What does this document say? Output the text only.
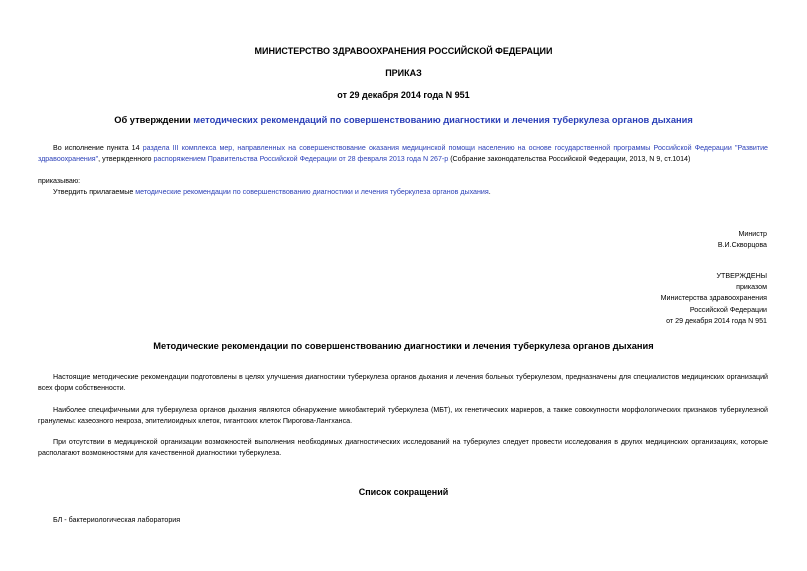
МИНИСТЕРСТВО ЗДРАВООХРАНЕНИЯ РОССИЙСКОЙ ФЕДЕРАЦИИ
ПРИКАЗ
от 29 декабря 2014 года N 951
Об утверждении методических рекомендаций по совершенствованию диагностики и лечения туберкулеза органов дыхания
Во исполнение пункта 14 раздела III комплекса мер, направленных на совершенствование оказания медицинской помощи населению на основе государственной программы Российской Федерации "Развитие здравоохранения", утвержденного распоряжением Правительства Российской Федерации от 28 февраля 2013 года N 267-р (Собрание законодательства Российской Федерации, 2013, N 9, ст.1014)
приказываю:
Утвердить прилагаемые методические рекомендации по совершенствованию диагностики и лечения туберкулеза органов дыхания.
Министр
В.И.Скворцова
УТВЕРЖДЕНЫ
приказом
Министерства здравоохранения
Российской Федерации
от 29 декабря 2014 года N 951
Методические рекомендации по совершенствованию диагностики и лечения туберкулеза органов дыхания
Настоящие методические рекомендации подготовлены в целях улучшения диагностики туберкулеза органов дыхания и лечения больных туберкулезом, предназначены для специалистов медицинских организаций всех форм собственности.
Наиболее специфичными для туберкулеза органов дыхания являются обнаружение микобактерий туберкулеза (МБТ), их генетических маркеров, а также совокупности морфологических признаков туберкулезной гранулемы: казеозного некроза, эпителиоидных клеток, гигантских клеток Пирогова-Лангханса.
При отсутствии в медицинской организации возможностей выполнения необходимых диагностических исследований на туберкулез следует провести исследования в других медицинских организациях, которые располагают возможностями для качественной диагностики туберкулеза.
Список сокращений
БЛ - бактериологическая лаборатория
